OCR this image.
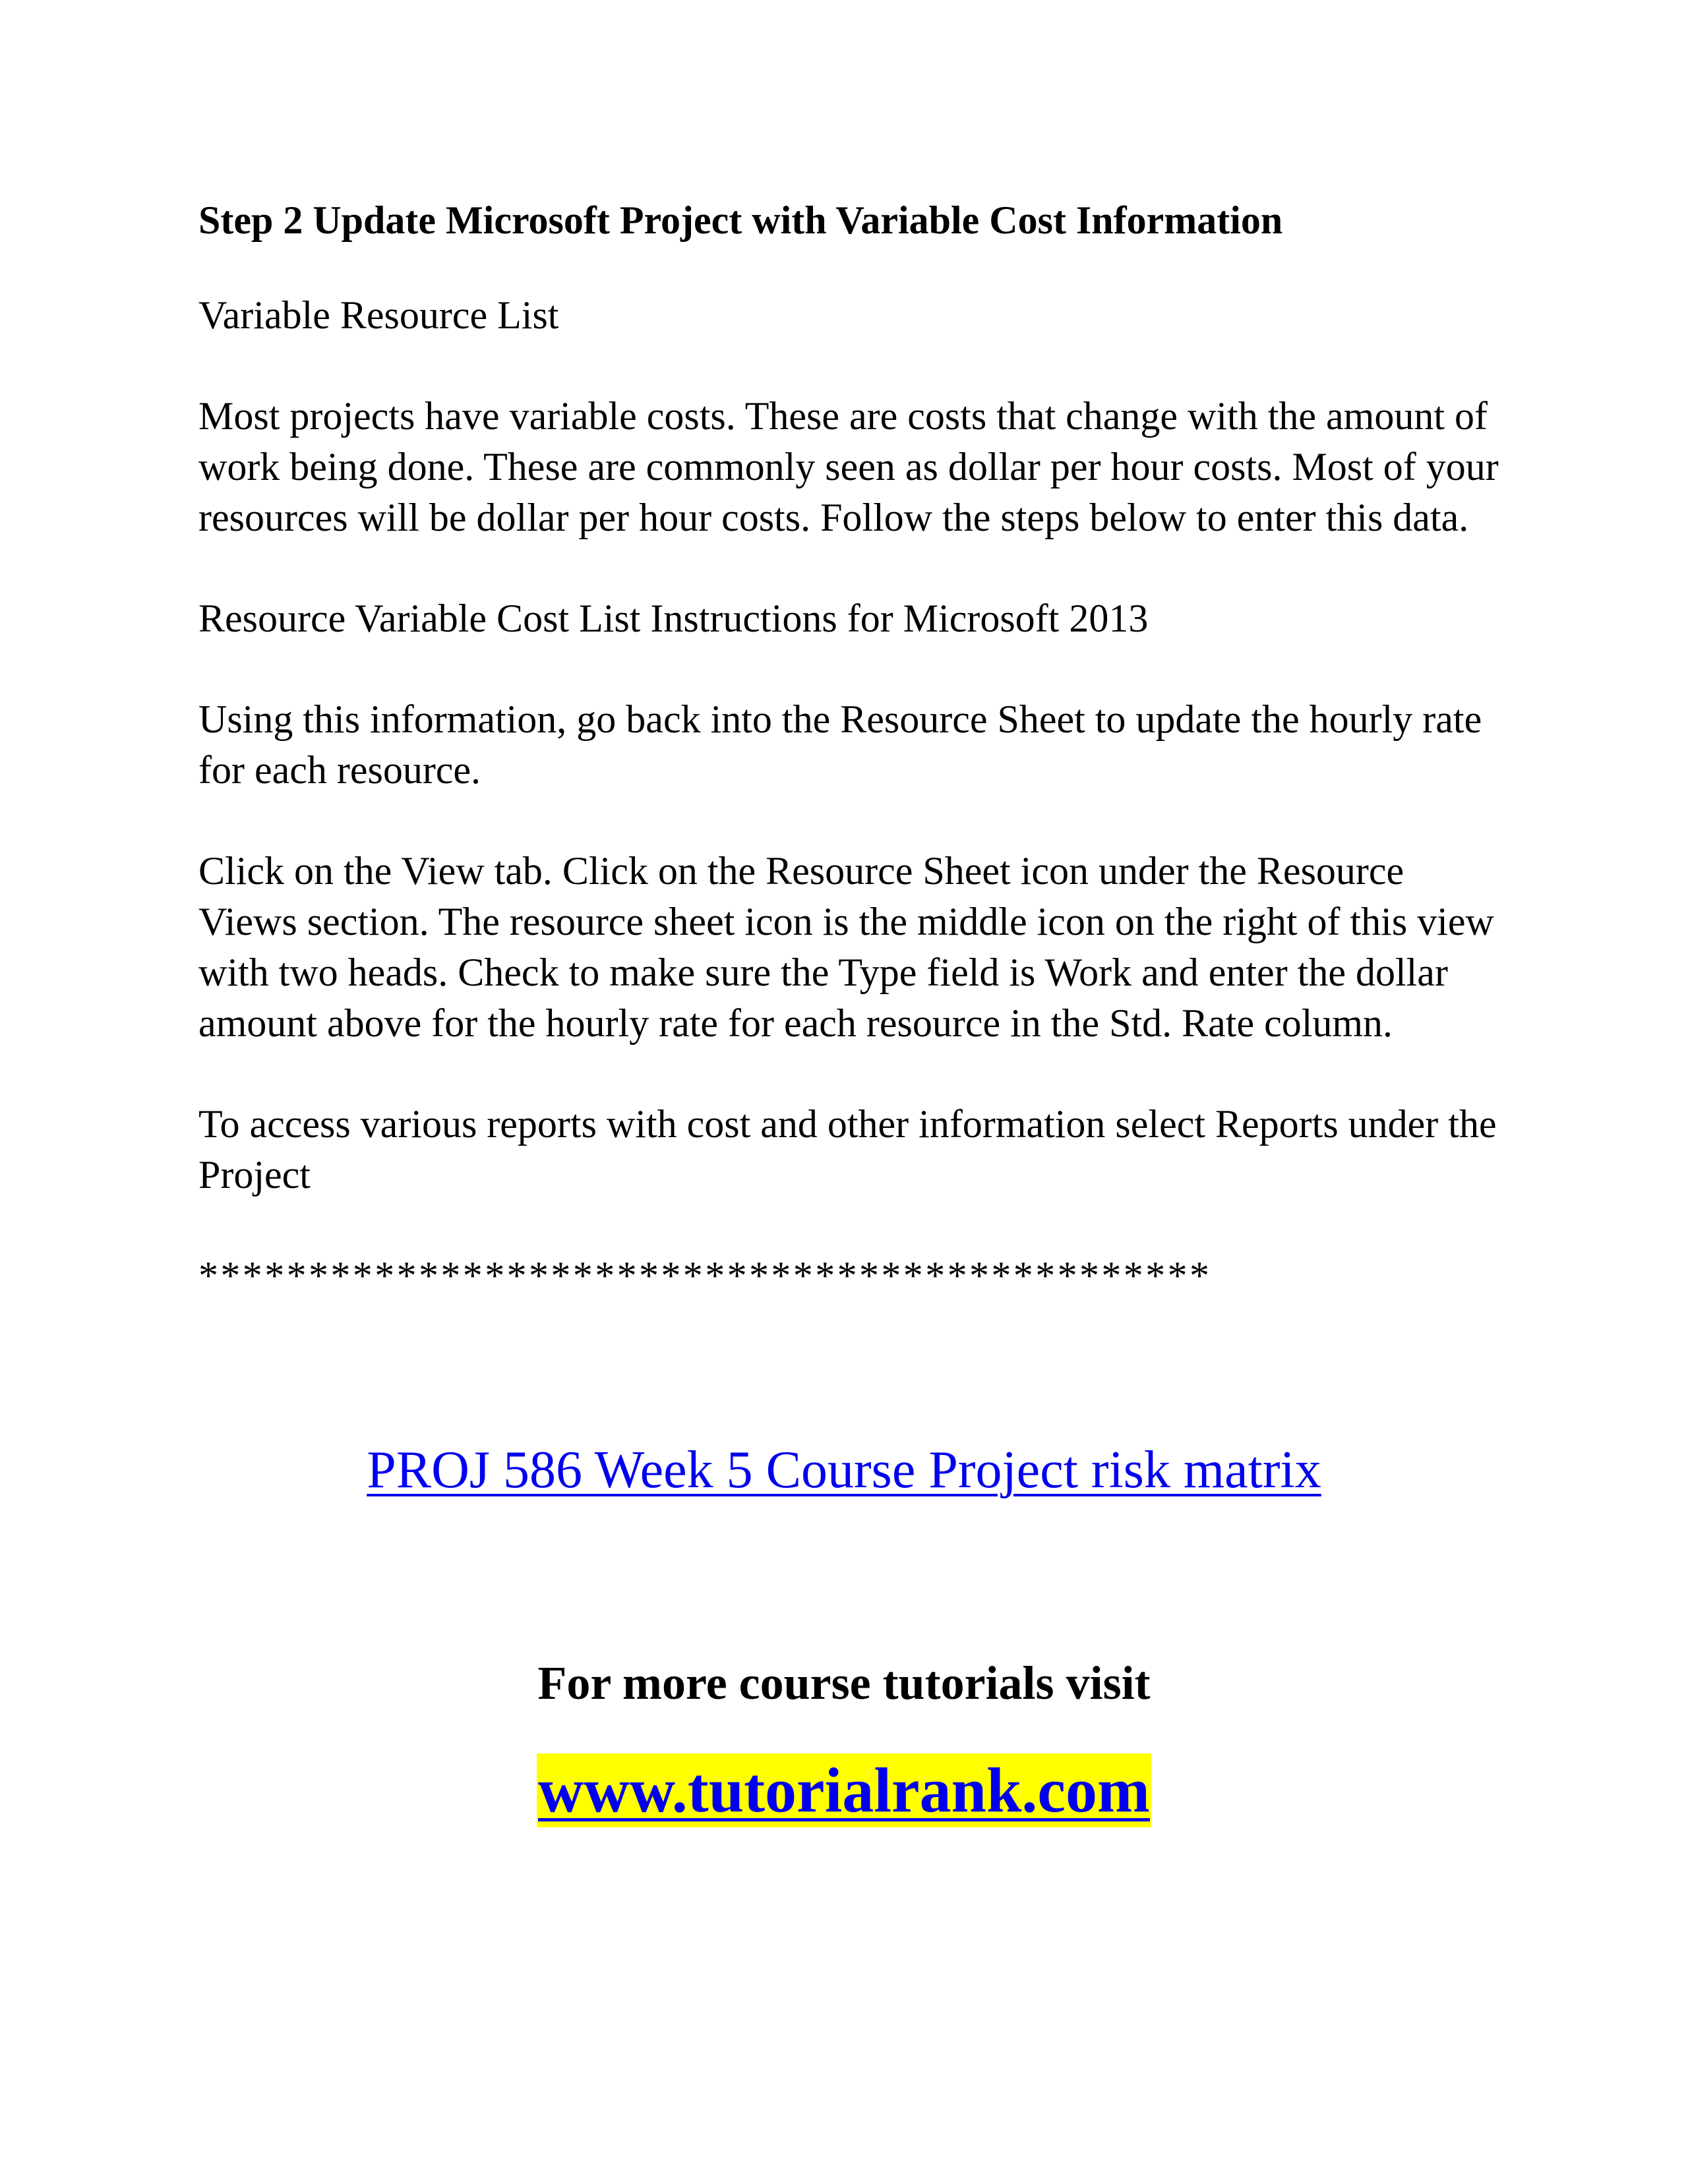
Step 2 Update Microsoft Project with Variable Cost Information

Variable Resource List

Most projects have variable costs. These are costs that change with the amount of work being done. These are commonly seen as dollar per hour costs. Most of your resources will be dollar per hour costs. Follow the steps below to enter this data.

Resource Variable Cost List Instructions for Microsoft 2013

Using this information, go back into the Resource Sheet to update the hourly rate for each resource.

Click on the View tab. Click on the Resource Sheet icon under the Resource Views section. The resource sheet icon is the middle icon on the right of this view with two heads. Check to make sure the Type field is Work and enter the dollar amount above for the hourly rate for each resource in the Std. Rate column.

To access various reports with cost and other information select Reports under the Project

**********************************************

PROJ 586 Week 5 Course Project risk matrix

For more course tutorials visit

www.tutorialrank.com
